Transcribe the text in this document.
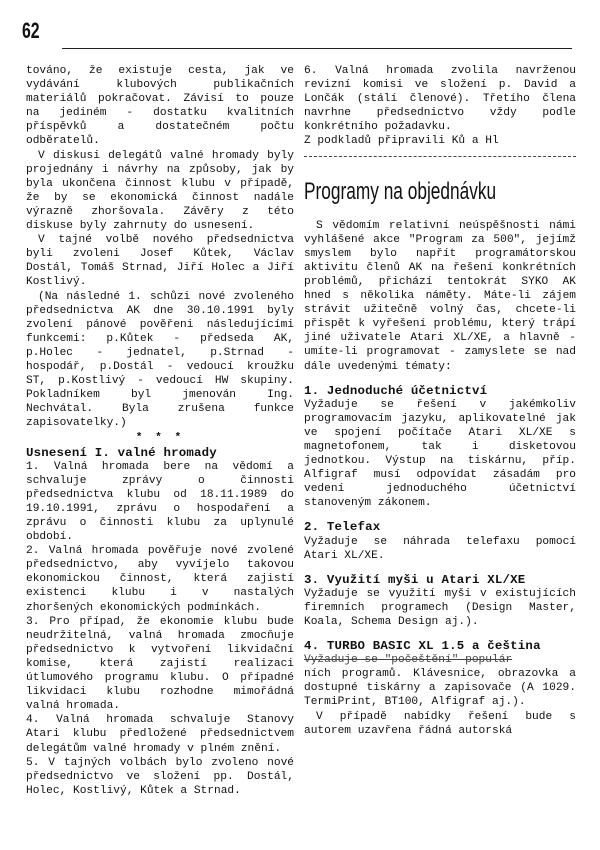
62

továno, že existuje cesta, jak ve vydávání klubových publikačních materiálů pokračovat. Závisí to pouze na jediném - dostatku kvalitních příspěvků a dostatečném počtu odběratelů.

V diskusi delegátů valné hromady byly projednány i návrhy na způsoby, jak by byla ukončena činnost klubu v případě, že by se ekonomická činnost nadále výrazně zhoršovala. Závěry z této diskuse byly zahrnuty do usnesení.

V tajné volbě nového předsednictva byli zvoleni Josef Kůtek, Václav Dostál, Tomáš Strnad, Jiří Holec a Jiří Kostlivý.

(Na následné 1. schůzi nové zvoleného předsednictva AK dne 30.10.1991 byly zvolení pánové pověřeni následujícími funkcemi: p.Kůtek - předseda AK, p.Holec - jednatel, p.Strnad - hospodář, p.Dostál - vedoucí kroužku ST, p.Kostlivý - vedoucí HW skupiny. Pokladníkem byl jmenován Ing. Nechvátal. Byla zrušena funkce zapisovatelky.)

* * *
Usnesení I. valné hromady

1. Valná hromada bere na vědomí a schvaluje zprávy o činnosti předsednictva klubu od 18.11.1989 do 19.10.1991, zprávu o hospodaření a zprávu o činnosti klubu za uplynulé období.

2. Valná hromada pověřuje nové zvolené předsednictvo, aby vyvíjelo takovou ekonomickou činnost, která zajistí existenci klubu i v nastalých zhoršených ekonomických podmínkách.

3. Pro případ, že ekonomie klubu bude neudržitelná, valná hromada zmocňuje předsednictvo k vytvoření likvidační komise, která zajistí realizaci útlumového programu klubu. O případné likvidaci klubu rozhodne mimořádná valná hromada.

4. Valná hromada schvaluje Stanovy Atari klubu předložené předsednictvem delegátům valné hromady v plném znění.

5. V tajných volbách bylo zvoleno nové předsednictvo ve složení pp. Dostál, Holec, Kostlivý, Kůtek a Strnad.

6. Valná hromada zvolila navrženou revizní komisi ve složení p. David a Lončák (stálí členové). Třetího člena navrhne předsednictvo vždy podle konkrétního požadavku.

Z podkladů připravili Ků a Hl

Programy na objednávku

S vědomím relativní neúspěšnosti námi vyhlášené akce "Program za 500", jejímž smyslem bylo napřít programátorskou aktivitu členů AK na řešení konkrétních problémů, přichází tentokrát SYKO AK hned s několika náměty. Máte-li zájem strávit užitečně volný čas, chcete-li přispět k vyřešení problému, který trápí jiné uživatele Atari XL/XE, a hlavně - umíte-li programovat - zamyslete se nad dále uvedenými tématy:

1. Jednoduché účetnictví

Vyžaduje se řešení v jakémkoliv programovacím jazyku, aplikovatelné jak ve spojení počítače Atari XL/XE s magnetofonem, tak i disketovou jednotkou. Výstup na tiskárnu, příp. Alfigraf musí odpovídat zásadám pro vedení jednoduchého účetnictví stanoveným zákonem.

2. Telefax

Vyžaduje se náhrada telefaxu pomocí Atari XL/XE.

3. Využití myši u Atari XL/XE

Vyžaduje se využití myši v existujících firemních programech (Design Master, Koala, Schema Design aj.).

4. TURBO BASIC XL 1.5 a čeština

Vyžaduje se "počeštění" populár

ních programů. Klávesnice, obrazovka a dostupné tiskárny a zapisovače (A 1029. TermiPrint, BT100, Alfigraf aj.).

V případě nabídky řešení bude s autorem uzavřena řádná autorská
